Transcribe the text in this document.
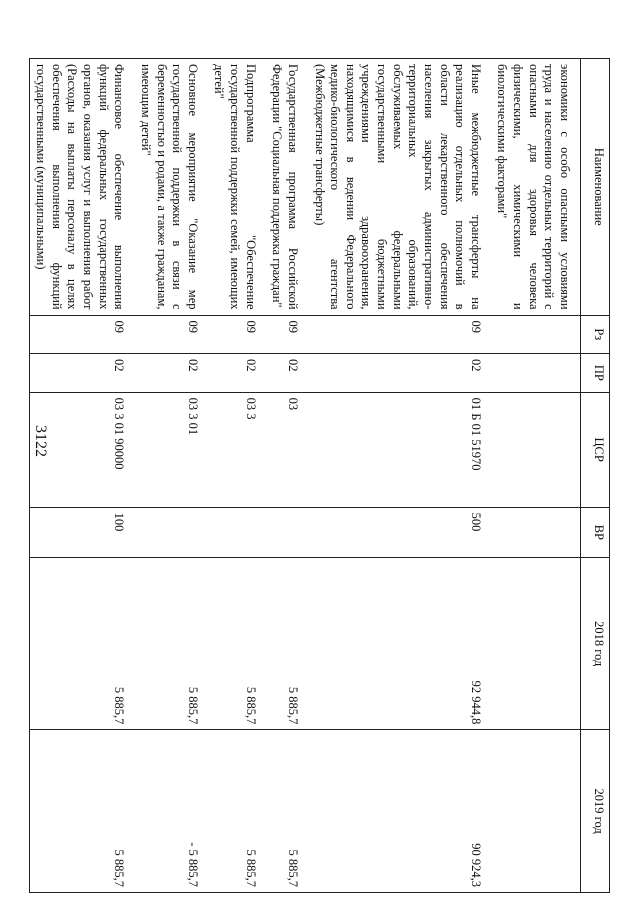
3122
Наименование	Рз	ПР	ЦСР	ВР	2018 год	2019 год
экономики с особо опасными условиями труда и населению отдельных территорий с опасными для здоровья человека физическими, химическими и биологическими факторами"						
Иные межбюджетные трансферты на реализацию отдельных полномочий в области лекарственного обеспечения населения закрытых административно-территориальных образований, обслуживаемых федеральными государственными бюджетными учреждениями здравоохранения, находящимися в ведении Федерального медико-биологического агентства (Межбюджетные трансферты)	09	02	01 Б 01 51970	500	92 944,8	90 924,3
Государственная программа Российской Федерации "Социальная поддержка граждан"	09	02	03		5 885,7	5 885,7
Подпрограмма "Обеспечение государственной поддержки семей, имеющих детей"	09	02	03 3		5 885,7	5 885,7
Основное мероприятие "Оказание мер государственной поддержки в связи с беременностью и родами, а также гражданам, имеющим детей"	09	02	03 3 01		5 885,7	- 5 885,7
Финансовое обеспечение выполнения функций федеральных государственных органов, оказания услуг и выполнения работ (Расходы на выплаты персоналу в целях обеспечения выполнения функций государственными (муниципальными)	09	02	03 3 01 90000	100	5 885,7	5 885,7
